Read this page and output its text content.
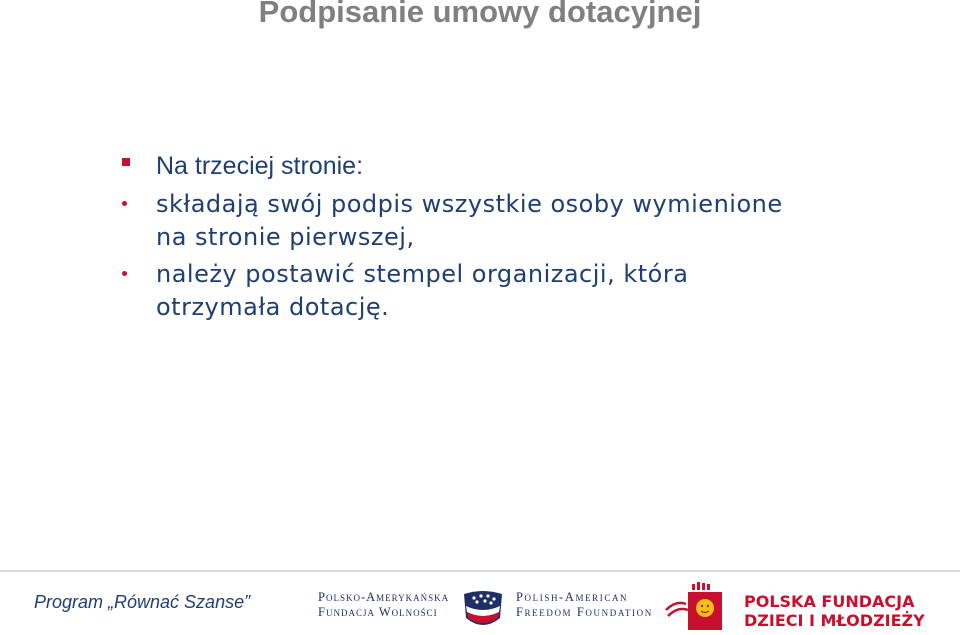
Podpisanie umowy dotacyjnej
Na trzeciej stronie:
składają swój podpis wszystkie osoby wymienione
na stronie pierwszej,
należy postawić stempel organizacji, która
otrzymała dotację.
Program „Równać Szanse”	Polsko-Amerykańska
Fundacja Wolności
Polish-American
Freedom Foundation
POLSKA FUNDACJA
DZIECI I MŁODZIEŻY
